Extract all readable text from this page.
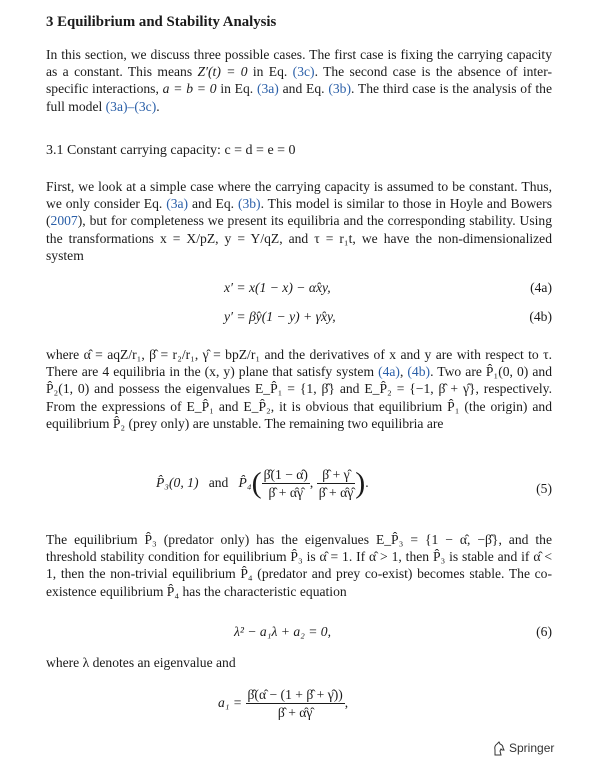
3 Equilibrium and Stability Analysis
In this section, we discuss three possible cases. The first case is fixing the carrying capacity as a constant. This means Z′(t) = 0 in Eq. (3c). The second case is the absence of inter-specific interactions, a = b = 0 in Eq. (3a) and Eq. (3b). The third case is the analysis of the full model (3a)–(3c).
3.1 Constant carrying capacity: c = d = e = 0
First, we look at a simple case where the carrying capacity is assumed to be constant. Thus, we only consider Eq. (3a) and Eq. (3b). This model is similar to those in Hoyle and Bowers (2007), but for completeness we present its equilibria and the corresponding stability. Using the transformations x = X/pZ, y = Y/qZ, and τ = r₁t, we have the non-dimensionalized system
x′ = x(1 − x) − α̂xy,	(4a)
y′ = β̂y(1 − y) + γ̂xy,	(4b)
where α̂ = aqZ/r₁, β̂ = r₂/r₁, γ̂ = bpZ/r₁ and the derivatives of x and y are with respect to τ. There are 4 equilibria in the (x, y) plane that satisfy system (4a), (4b). Two are P̂₁(0, 0) and P̂₂(1, 0) and possess the eigenvalues E_P̂₁ = {1, β̂} and E_P̂₂ = {−1, β̂ + γ̂}, respectively. From the expressions of E_P̂₁ and E_P̂₂, it is obvious that equilibrium P̂₁ (the origin) and equilibrium P̂₂ (prey only) are unstable. The remaining two equilibria are
P̂₃(0, 1) and P̂₄( $\frac{\betâ(1 - \alphâ)}{\betâ + \alphâ\gammâ}$ , $\frac{\betâ + \gammâ}{\betâ + \alphâ\gammâ}$ ).	(5)
The equilibrium P̂₃ (predator only) has the eigenvalues E_P̂₃ = {1 − α̂, −β̂}, and the threshold stability condition for equilibrium P̂₃ is α̂ = 1. If α̂ > 1, then P̂₃ is stable and if α̂ < 1, then the non-trivial equilibrium P̂₄ (predator and prey co-exist) becomes stable. The co-existence equilibrium P̂₄ has the characteristic equation
λ² − a₁λ + a₂ = 0,	(6)
where λ denotes an eigenvalue and
$a_1 = \frac{\betâ(\alphâ - (1 + \betâ + \gammâ))}{\betâ + \alphâ\gammâ}$ ,
Springer
